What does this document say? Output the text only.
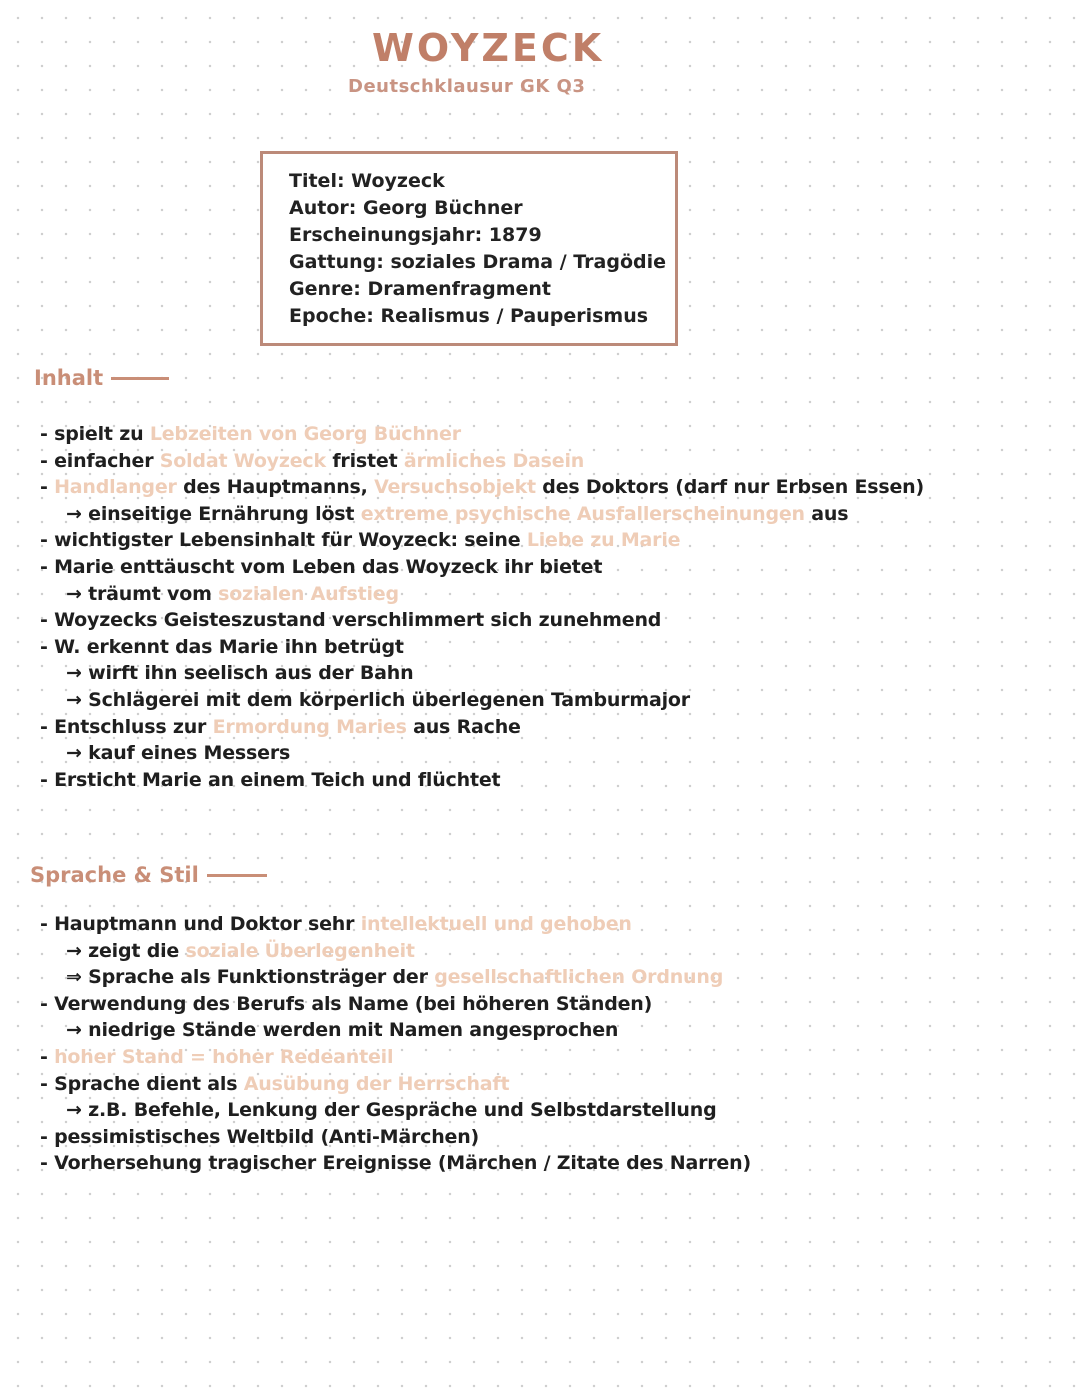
WOYZECK
Deutschklausur GK Q3
Titel: Woyzeck
Autor: Georg Büchner
Erscheinungsjahr: 1879
Gattung: soziales Drama / Tragödie
Genre: Dramenfragment
Epoche: Realismus / Pauperismus
Inhalt
- spielt zu Lebzeiten von Georg Büchner
- einfacher Soldat Woyzeck fristet ärmliches Dasein
- Handlanger des Hauptmanns, Versuchsobjekt des Doktors (darf nur Erbsen Essen)
→ einseitige Ernährung löst extreme psychische Ausfallerscheinungen aus
- wichtigster Lebensinhalt für Woyzeck: seine Liebe zu Marie
- Marie enttäuscht vom Leben das Woyzeck ihr bietet
→ träumt vom sozialen Aufstieg
- Woyzecks Geisteszustand verschlimmert sich zunehmend
- W. erkennt das Marie ihn betrügt
→ wirft ihn seelisch aus der Bahn
→ Schlägerei mit dem körperlich überlegenen Tamburmajor
- Entschluss zur Ermordung Maries aus Rache
→ kauf eines Messers
- Ersticht Marie an einem Teich und flüchtet
Sprache & Stil
- Hauptmann und Doktor sehr intellektuell und gehoben
→ zeigt die soziale Überlegenheit
⇒ Sprache als Funktionsträger der gesellschaftlichen Ordnung
- Verwendung des Berufs als Name (bei höheren Ständen)
→ niedrige Stände werden mit Namen angesprochen
- hoher Stand = hoher Redeanteil
- Sprache dient als Ausübung der Herrschaft
→ z.B. Befehle, Lenkung der Gespräche und Selbstdarstellung
- pessimistisches Weltbild (Anti-Märchen)
- Vorhersehung tragischer Ereignisse (Märchen / Zitate des Narren)
